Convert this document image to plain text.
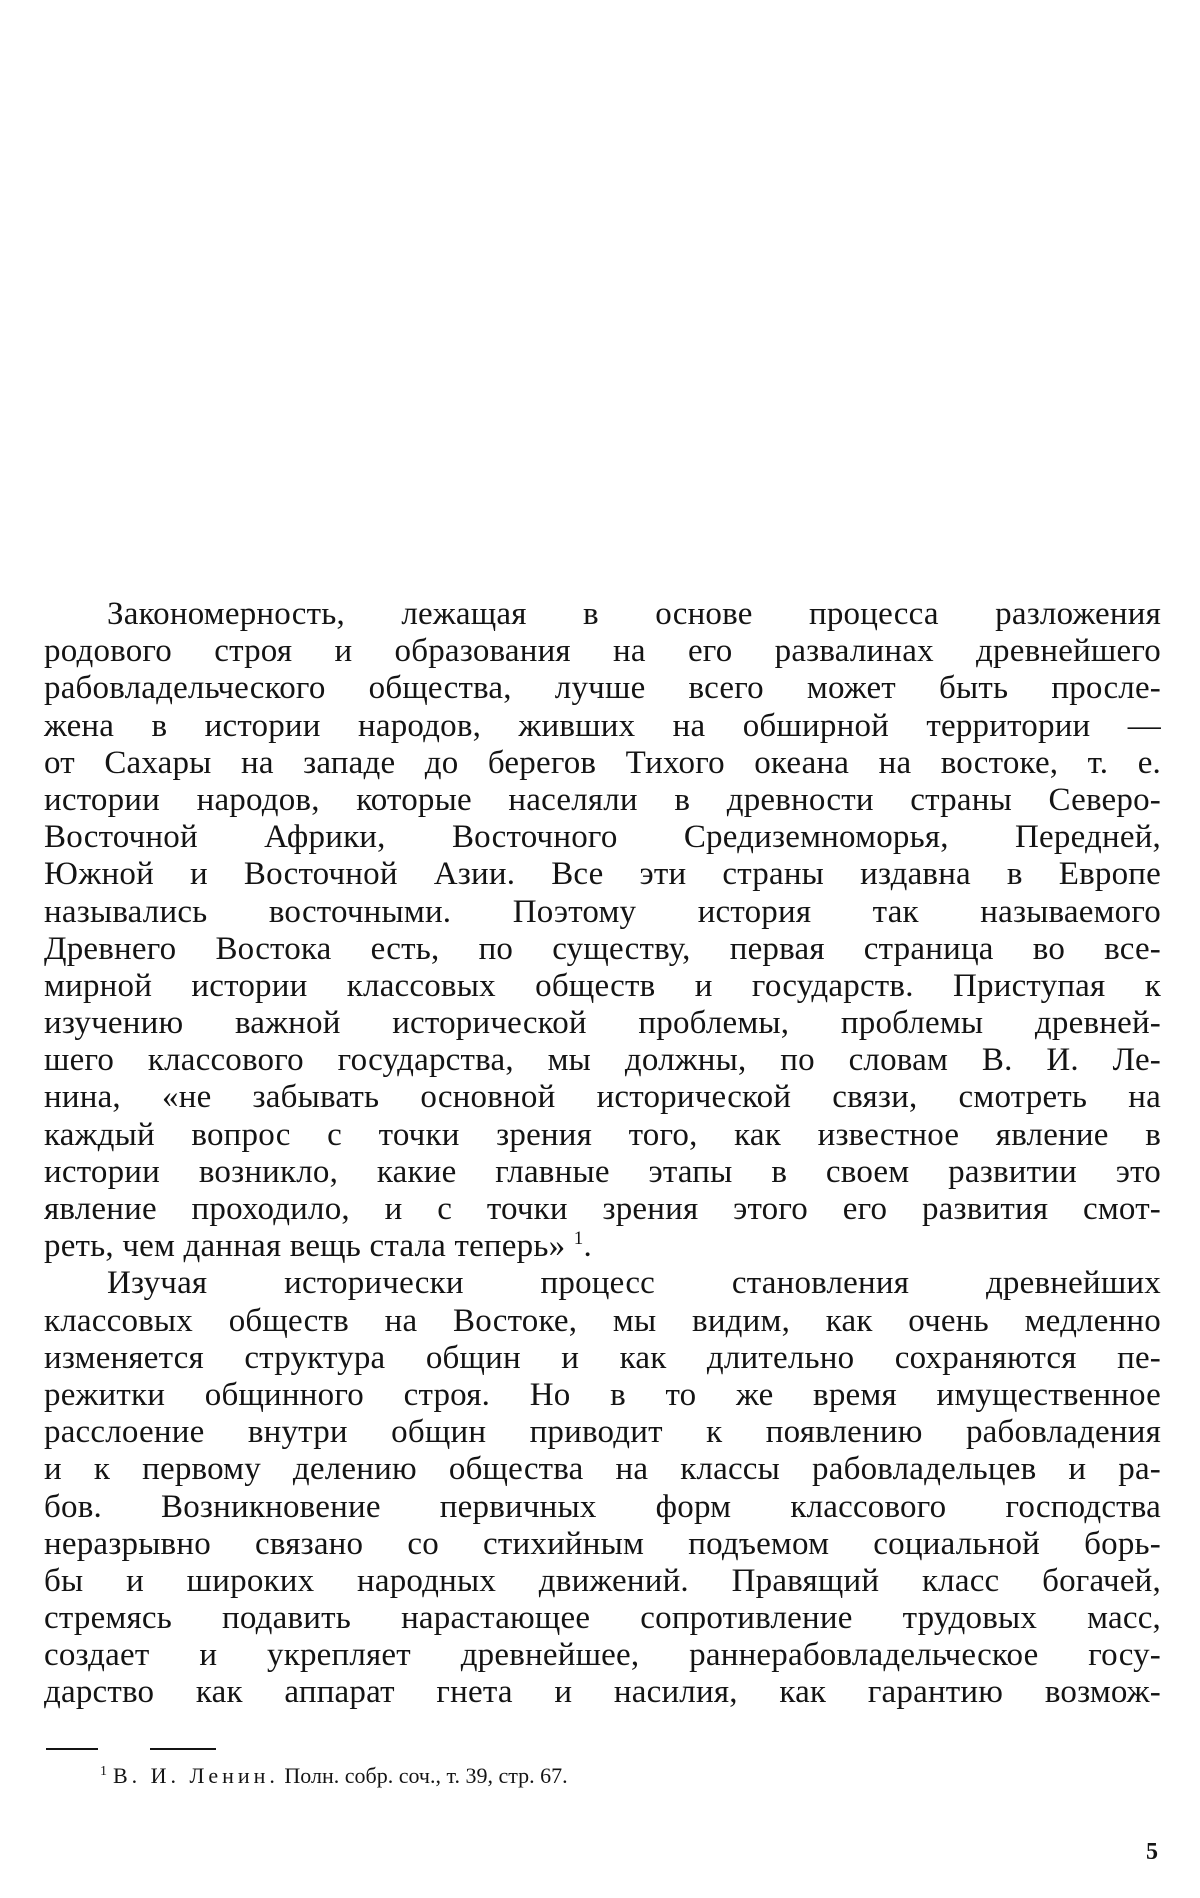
Закономерность, лежащая в основе процесса разложения
родового строя и образования на его развалинах древнейшего
рабовладельческого общества, лучше всего может быть просле-
жена в истории народов, живших на обширной территории —
от Сахары на западе до берегов Тихого океана на востоке, т. е.
истории народов, которые населяли в древности страны Северо-
Восточной Африки, Восточного Средиземноморья, Передней,
Южной и Восточной Азии. Все эти страны издавна в Европе
назывались восточными. Поэтому история так называемого
Древнего Востока есть, по существу, первая страница во все-
мирной истории классовых обществ и государств. Приступая к
изучению важной исторической проблемы, проблемы древней-
шего классового государства, мы должны, по словам В. И. Ле-
нина, «не забывать основной исторической связи, смотреть на
каждый вопрос с точки зрения того, как известное явление в
истории возникло, какие главные этапы в своем развитии это
явление проходило, и с точки зрения этого его развития смот-
реть, чем данная вещь стала теперь» $^1$.
Изучая исторически процесс становления древнейших
классовых обществ на Востоке, мы видим, как очень медленно
изменяется структура общин и как длительно сохраняются пе-
режитки общинного строя. Но в то же время имущественное
расслоение внутри общин приводит к появлению рабовладения
и к первому делению общества на классы рабовладельцев и ра-
бов. Возникновение первичных форм классового господства
неразрывно связано со стихийным подъемом социальной борь-
бы и широких народных движений. Правящий класс богачей,
стремясь подавить нарастающее сопротивление трудовых масс,
создает и укрепляет древнейшее, раннерабовладельческое госу-
дарство как аппарат гнета и насилия, как гарантию возмож-
$^1$ В. И. Ленин. Полн. собр. соч., т. 39, стр. 67.
5
